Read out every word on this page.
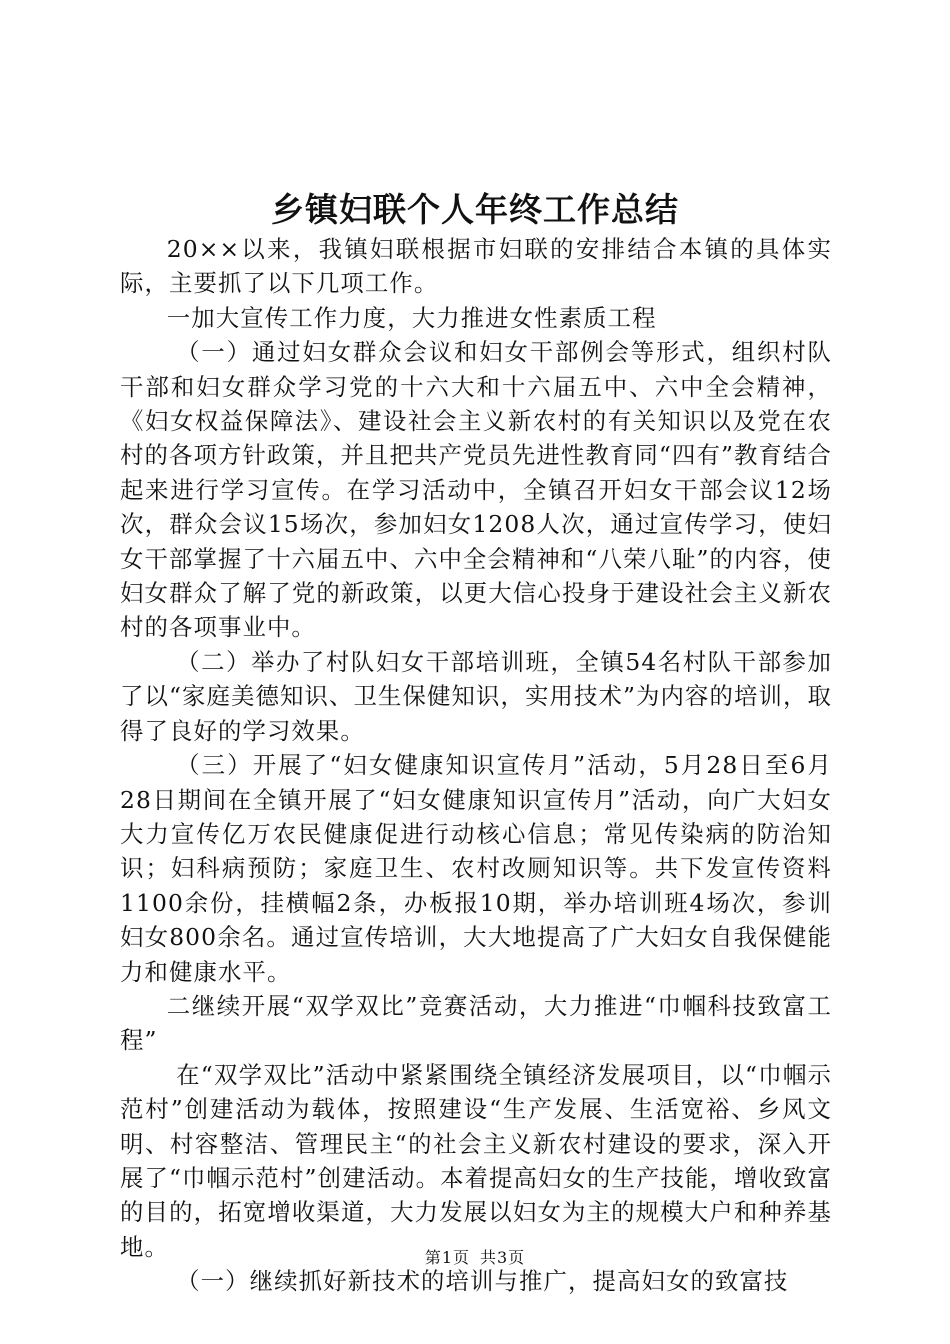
乡镇妇联个人年终工作总结

20××以来，我镇妇联根据市妇联的安排结合本镇的具体实际，主要抓了以下几项工作。

一加大宣传工作力度，大力推进女性素质工程

（一）通过妇女群众会议和妇女干部例会等形式，组织村队干部和妇女群众学习党的十六大和十六届五中、六中全会精神，《妇女权益保障法》、建设社会主义新农村的有关知识以及党在农村的各项方针政策，并且把共产党员先进性教育同“四有”教育结合起来进行学习宣传。在学习活动中，全镇召开妇女干部会议12场次，群众会议15场次，参加妇女1208人次，通过宣传学习，使妇女干部掌握了十六届五中、六中全会精神和“八荣八耻”的内容，使妇女群众了解了党的新政策，以更大信心投身于建设社会主义新农村的各项事业中。

（二）举办了村队妇女干部培训班，全镇54名村队干部参加了以“家庭美德知识、卫生保健知识，实用技术”为内容的培训，取得了良好的学习效果。

（三）开展了“妇女健康知识宣传月”活动，5月28日至6月28日期间在全镇开展了“妇女健康知识宣传月”活动，向广大妇女大力宣传亿万农民健康促进行动核心信息；常见传染病的防治知识；妇科病预防；家庭卫生、农村改厕知识等。共下发宣传资料1100余份，挂横幅2条，办板报10期，举办培训班4场次，参训妇女800余名。通过宣传培训，大大地提高了广大妇女自我保健能力和健康水平。

二继续开展“双学双比”竞赛活动，大力推进“巾帼科技致富工程”

在“双学双比”活动中紧紧围绕全镇经济发展项目，以“巾帼示范村”创建活动为载体，按照建设“生产发展、生活宽裕、乡风文明、村容整洁、管理民主“的社会主义新农村建设的要求，深入开展了“巾帼示范村”创建活动。本着提高妇女的生产技能，增收致富的目的，拓宽增收渠道，大力发展以妇女为主的规模大户和种养基地。

（一）继续抓好新技术的培训与推广，提高妇女的致富技

第1页 共3页
